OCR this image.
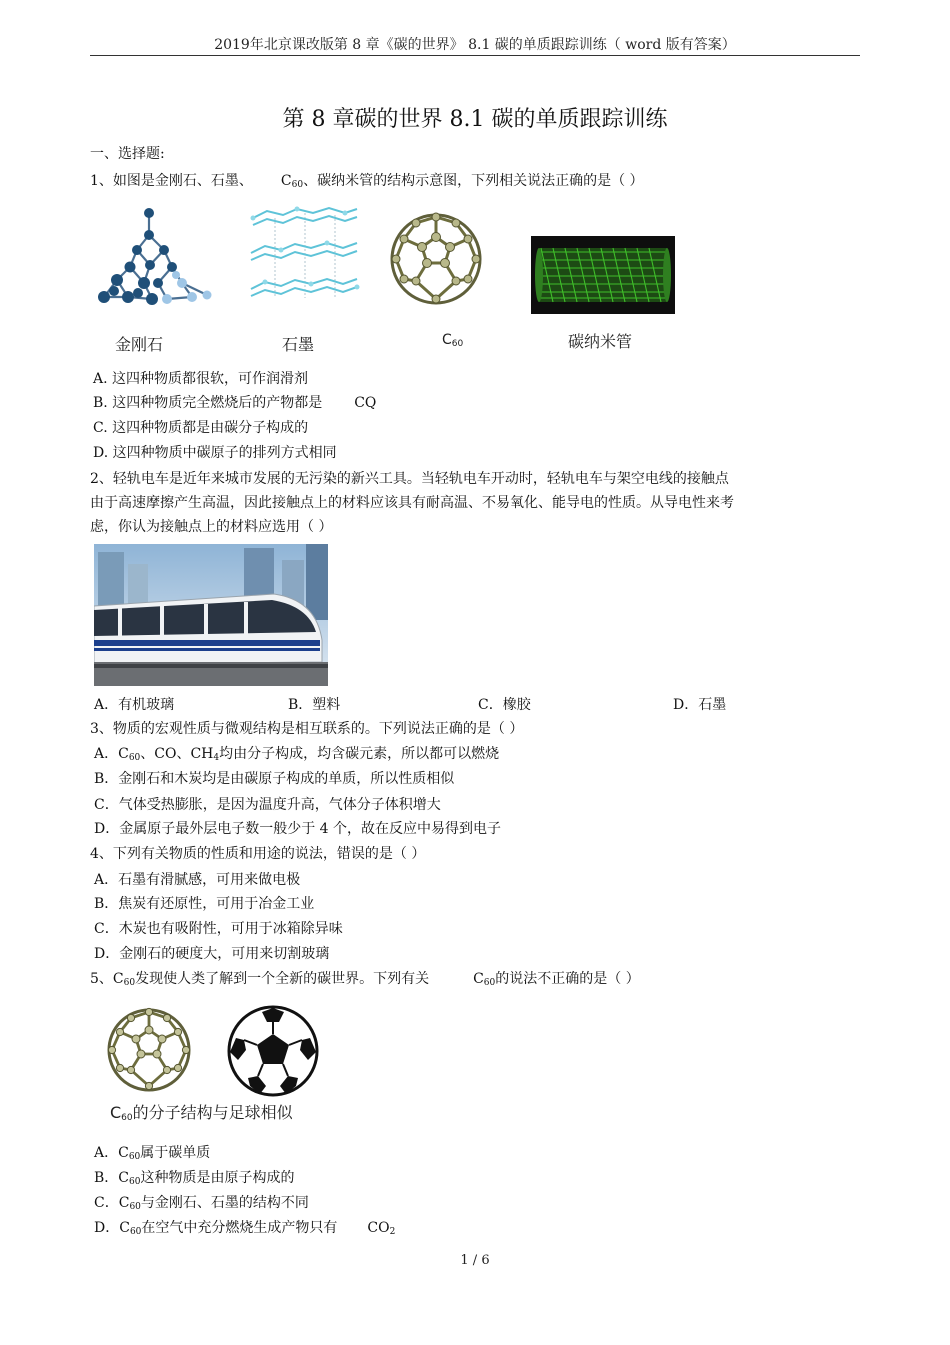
2019年北京课改版第 8 章《碳的世界》 8.1 碳的单质跟踪训练（ word 版有答案）
第 8 章碳的世界 8.1 碳的单质跟踪训练
一、选择题:
1、如图是金刚石、石墨、 $C_{60}$、碳纳米管的结构示意图，下列相关说法正确的是（ ）
金刚石	石墨	$C_{60}$	碳纳米管
A. 这四种物质都很软，可作润滑剂
B. 这四种物质完全燃烧后的产物都是 CQ
C. 这四种物质都是由碳分子构成的
D. 这四种物质中碳原子的排列方式相同
2、轻轨电车是近年来城市发展的无污染的新兴工具。当轻轨电车开动时，轻轨电车与架空电线的接触点
由于高速摩擦产生高温，因此接触点上的材料应该具有耐高温、不易氧化、能导电的性质。从导电性来考
虑，你认为接触点上的材料应选用（ ）
A．有机玻璃	B．塑料	C．橡胶	D．石墨
3、物质的宏观性质与微观结构是相互联系的。下列说法正确的是（ ）
A．$C_{60}$、CO、$CH_4$均由分子构成，均含碳元素，所以都可以燃烧
B．金刚石和木炭均是由碳原子构成的单质，所以性质相似
C．气体受热膨胀，是因为温度升高，气体分子体积增大
D．金属原子最外层电子数一般少于 4 个，故在反应中易得到电子
4、下列有关物质的性质和用途的说法，错误的是（ ）
A．石墨有滑腻感，可用来做电极
B．焦炭有还原性，可用于冶金工业
C．木炭也有吸附性，可用于冰箱除异味
D．金刚石的硬度大，可用来切割玻璃
5、$C_{60}$发现使人类了解到一个全新的碳世界。下列有关	$C_{60}$的说法不正确的是（ ）
$C_{60}$的分子结构与足球相似
A．$C_{60}$属于碳单质
B．$C_{60}$这种物质是由原子构成的
C．$C_{60}$与金刚石、石墨的结构不同
D．$C_{60}$在空气中充分燃烧生成产物只有 $CO_2$
1 / 6
